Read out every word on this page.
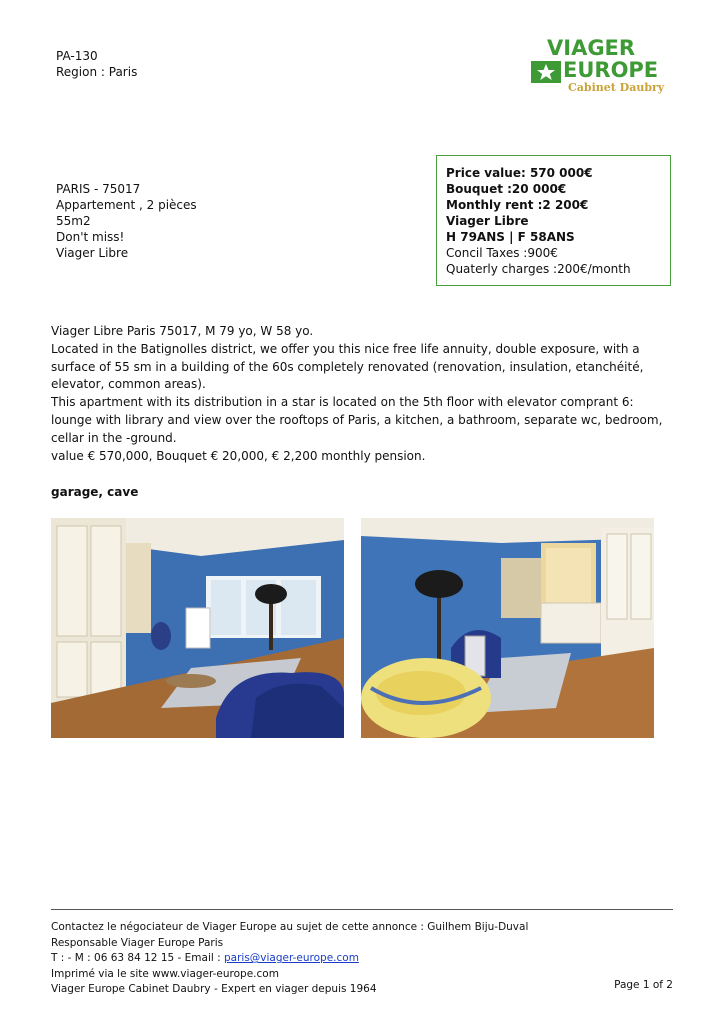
PA-130
Region : Paris
VIAGER
EUROPE
Cabinet Daubry
PARIS - 75017
Appartement , 2 pièces
55m2
Don't miss!
Viager Libre
Price value: 570 000€
Bouquet :20 000€
Monthly rent :2 200€
Viager Libre
H 79ANS | F 58ANS
Concil Taxes :900€
Quaterly charges :200€/month
Viager Libre Paris 75017, M 79 yo, W 58 yo.
Located in the Batignolles district, we offer you this nice free life annuity, double exposure, with a
surface of 55 sm in a building of the 60s completely renovated (renovation, insulation, etanchéité,
elevator, common areas).
This apartment with its distribution in a star is located on the 5th floor with elevator comprant 6:
lounge with library and view over the rooftops of Paris, a kitchen, a bathroom, separate wc, bedroom,
cellar in the -ground.
value € 570,000, Bouquet € 20,000, € 2,200 monthly pension.
garage, cave
Contactez le négociateur de Viager Europe au sujet de cette annonce : Guilhem Biju-Duval
Responsable Viager Europe Paris
T : - M : 06 63 84 12 15 - Email : paris@viager-europe.com
Imprimé via le site www.viager-europe.com
Viager Europe Cabinet Daubry - Expert en viager depuis 1964	Page 1 of 2
